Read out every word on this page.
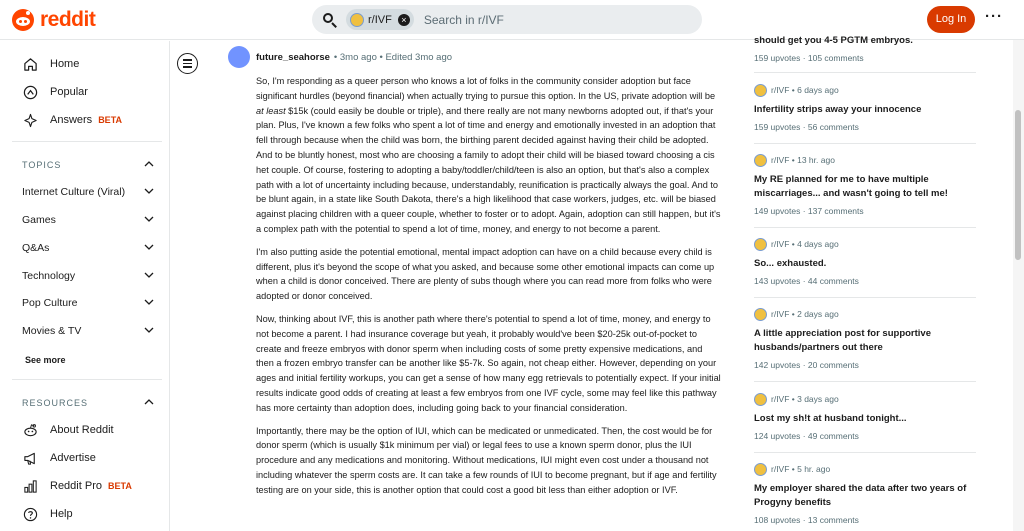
reddit	r/IVF	×
Search in r/IVF	Log In	···
Home
Popular
Answers BETA
TOPICS
Internet Culture (Viral)
Games
Q&As
Technology
Pop Culture
Movies & TV
See more
RESOURCES
About Reddit
Advertise
Reddit Pro BETA
Help
future_seahorse • 3mo ago • Edited 3mo ago

So, I'm responding as a queer person who knows a lot of folks in the community consider adoption but face significant hurdles (beyond financial) when actually trying to pursue this option. In the US, private adoption will be at least $15k (could easily be double or triple), and there really are not many newborns adopted out, if that's your plan. Plus, I've known a few folks who spent a lot of time and energy and emotionally invested in an adoption that fell through because when the child was born, the birthing parent decided against having their child be adopted. And to be bluntly honest, most who are choosing a family to adopt their child will be biased toward choosing a cis het couple. Of course, fostering to adopting a baby/toddler/child/teen is also an option, but that's also a complex path with a lot of uncertainty including because, understandably, reunification is practically always the goal. And to be blunt again, in a state like South Dakota, there's a high likelihood that case workers, judges, etc. will be biased against placing children with a queer couple, whether to foster or to adopt. Again, adoption can still happen, but it's a complex path with the potential to spend a lot of time, money, and energy to not become a parent.

I'm also putting aside the potential emotional, mental impact adoption can have on a child because every child is different, plus it's beyond the scope of what you asked, and because some other emotional impacts can come up when a child is donor conceived. There are plenty of subs though where you can read more from folks who were adopted or donor conceived.

Now, thinking about IVF, this is another path where there's potential to spend a lot of time, money, and energy to not become a parent. I had insurance coverage but yeah, it probably would've been $20-25k out-of-pocket to create and freeze embryos with donor sperm when including costs of some pretty expensive medications, and then a frozen embryo transfer can be another like $5-7k. So again, not cheap either. However, depending on your ages and initial fertility workups, you can get a sense of how many egg retrievals to potentially expect. If your initial results indicate good odds of creating at least a few embryos from one IVF cycle, some may feel like this pathway has more certainty than adoption does, including going back to your financial consideration.

Importantly, there may be the option of IUI, which can be medicated or unmedicated. Then, the cost would be for donor sperm (which is usually $1k minimum per vial) or legal fees to use a known sperm donor, plus the IUI procedure and any medications and monitoring. Without medications, IUI might even cost under a thousand not including whatever the sperm costs are. It can take a few rounds of IUI to become pregnant, but if age and fertility testing are on your side, this is another option that could cost a good bit less than either adoption or IVF.

should get you 4-5 PGTM embryos.
159 upvotes · 105 comments
r/IVF • 6 days ago
Infertility strips away your innocence
159 upvotes · 56 comments
r/IVF • 13 hr. ago
My RE planned for me to have multiple miscarriages... and wasn't going to tell me!
149 upvotes · 137 comments
r/IVF • 4 days ago
So... exhausted.
143 upvotes · 44 comments
r/IVF • 2 days ago
A little appreciation post for supportive husbands/partners out there
142 upvotes · 20 comments
r/IVF • 3 days ago
Lost my sh!t at husband tonight...
124 upvotes · 49 comments
r/IVF • 5 hr. ago
My employer shared the data after two years of Progyny benefits
108 upvotes · 13 comments
